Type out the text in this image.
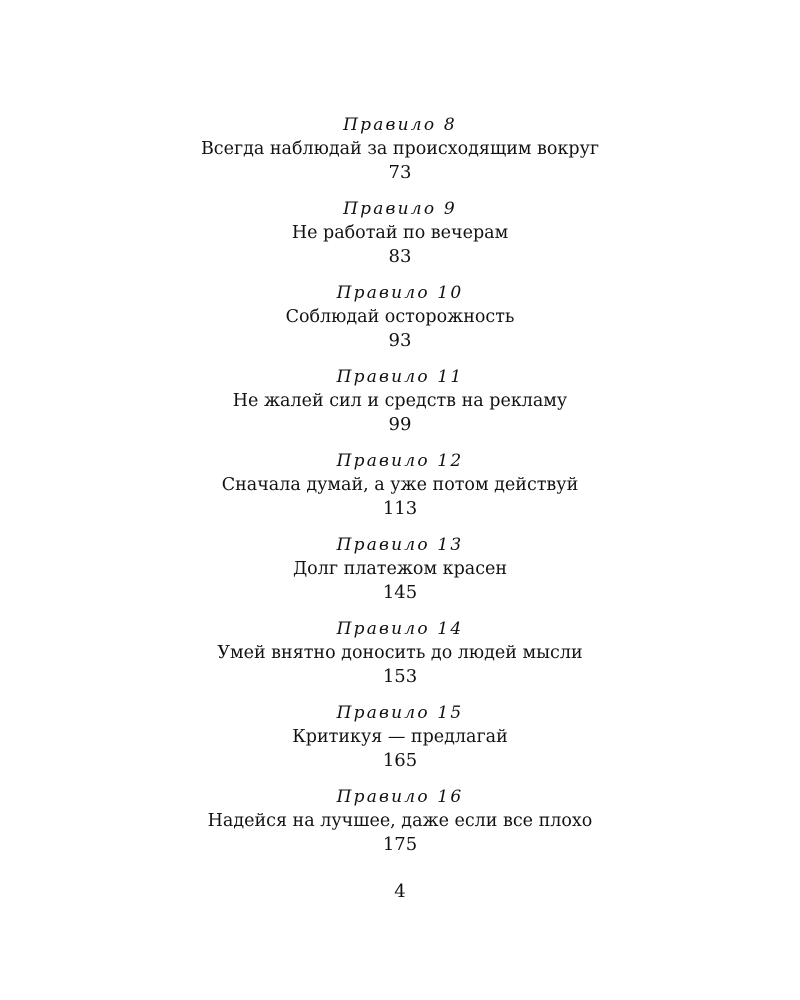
Правило 8

Всегда наблюдай за происходящим вокруг

73

Правило 9

Не работай по вечерам

83

Правило 10

Соблюдай осторожность

93

Правило 11

Не жалей сил и средств на рекламу

99

Правило 12

Сначала думай, а уже потом действуй

113

Правило 13

Долг платежом красен

145

Правило 14

Умей внятно доносить до людей мысли

153

Правило 15

Критикуя — предлагай

165

Правило 16

Надейся на лучшее, даже если все плохо

175

4
